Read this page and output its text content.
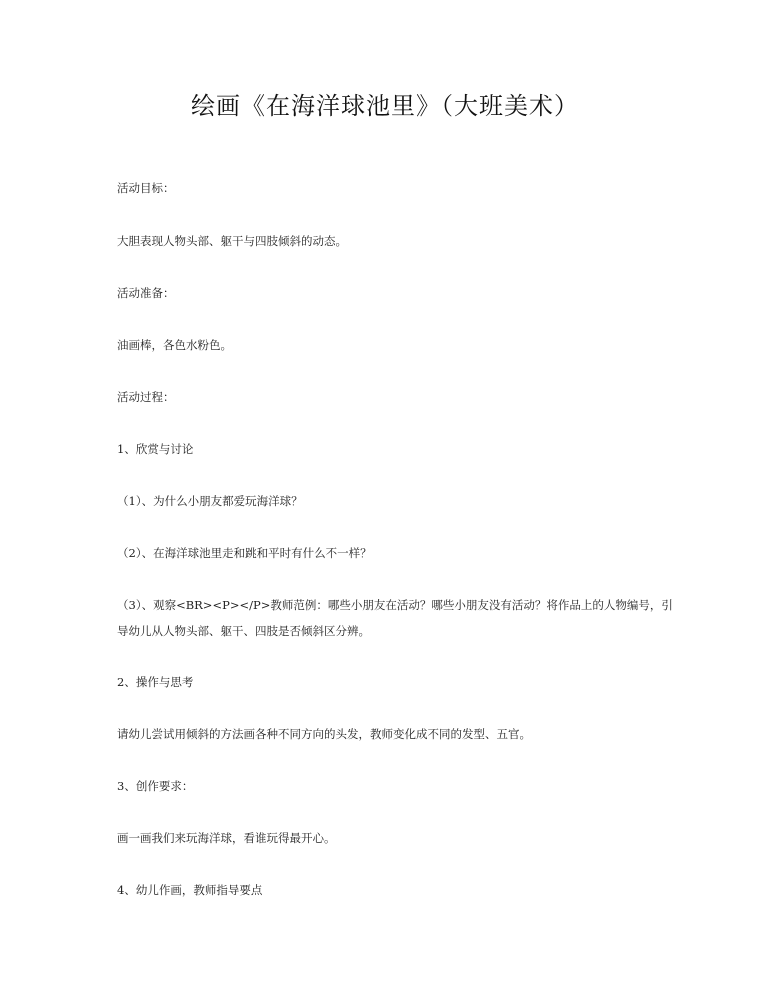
绘画《在海洋球池里》（大班美术）
活动目标：
大胆表现人物头部、躯干与四肢倾斜的动态。
活动准备：
油画棒，各色水粉色。
活动过程：
1、欣赏与讨论
（1）、为什么小朋友都爱玩海洋球？
（2）、在海洋球池里走和跳和平时有什么不一样？
（3）、观察<BR><P></P>教师范例：哪些小朋友在活动？哪些小朋友没有活动？将作品上的人物编号，引导幼儿从人物头部、躯干、四肢是否倾斜区分辨。
2、操作与思考
请幼儿尝试用倾斜的方法画各种不同方向的头发，教师变化成不同的发型、五官。
3、创作要求：
画一画我们来玩海洋球，看谁玩得最开心。
4、幼儿作画，教师指导要点
